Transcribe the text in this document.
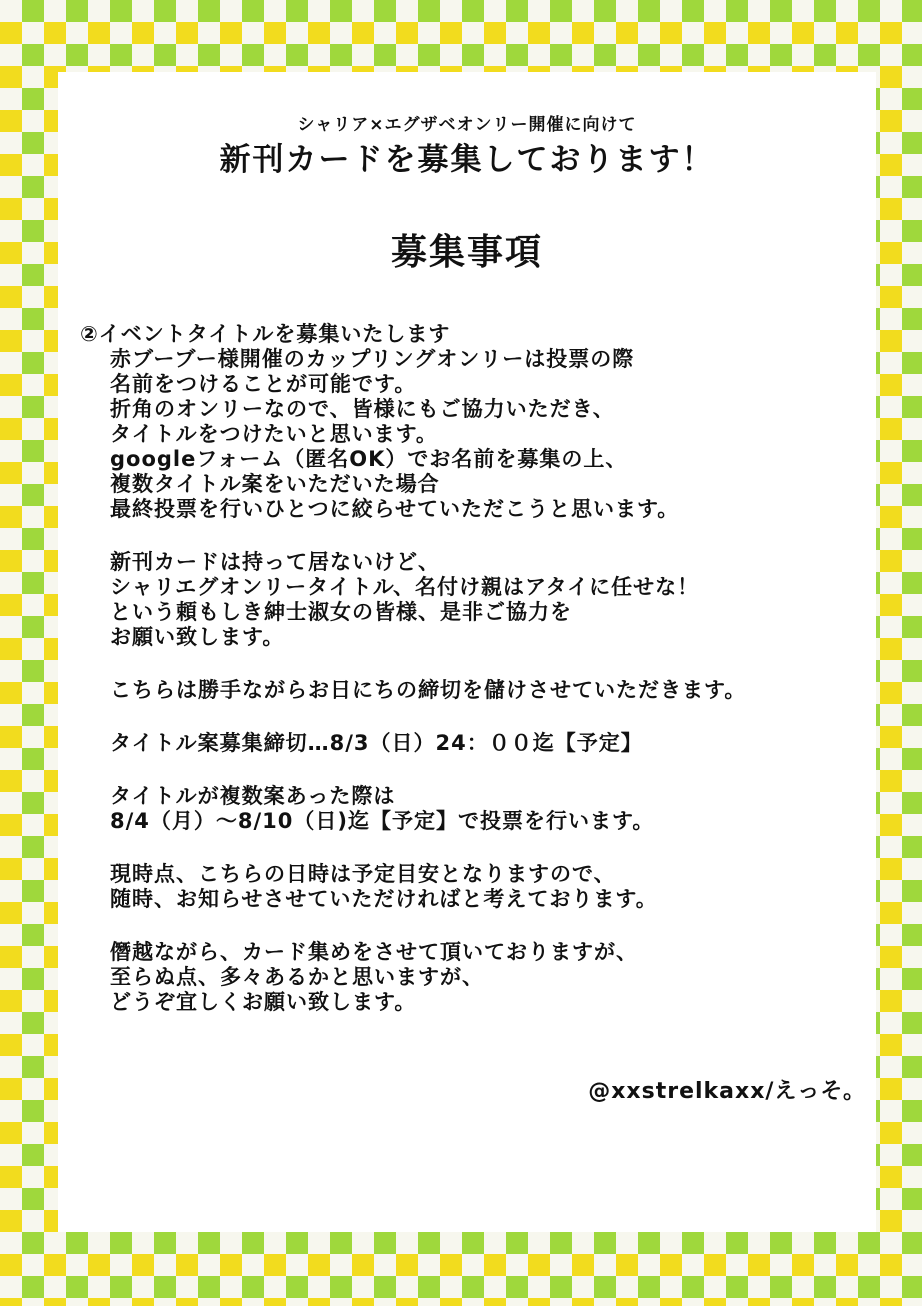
シャリア×エグザベオンリー開催に向けて
新刊カードを募集しております！
募集事項
②イベントタイトルを募集いたします
赤ブーブー様開催のカップリングオンリーは投票の際
名前をつけることが可能です。
折角のオンリーなので、皆様にもご協力いただき、
タイトルをつけたいと思います。
googleフォーム（匿名OK）でお名前を募集の上、
複数タイトル案をいただいた場合
最終投票を行いひとつに絞らせていただこうと思います。
新刊カードは持って居ないけど、
シャリエグオンリータイトル、名付け親はアタイに任せな！
という頼もしき紳士淑女の皆様、是非ご協力を
お願い致します。
こちらは勝手ながらお日にちの締切を儲けさせていただきます。
タイトル案募集締切…8/3（日）24：００迄【予定】
タイトルが複数案あった際は
8/4（月）～8/10（日)迄【予定】で投票を行います。
現時点、こちらの日時は予定目安となりますので、
随時、お知らせさせていただければと考えております。
僭越ながら、カード集めをさせて頂いておりますが、
至らぬ点、多々あるかと思いますが、
どうぞ宜しくお願い致します。
@xxstrelkaxx/えっそ。
